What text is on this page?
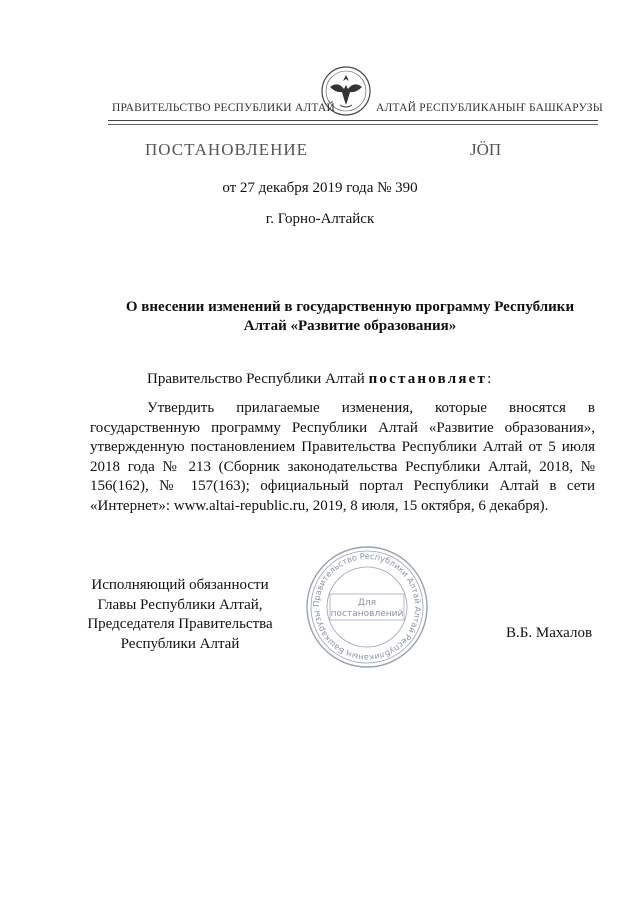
ПРАВИТЕЛЬСТВО РЕСПУБЛИКИ АЛТАЙ	АЛТАЙ РЕСПУБЛИКАНЫҤ БАШКАРУЗЫ
ПОСТАНОВЛЕНИЕ	ЈӦП
от 27 декабря 2019 года № 390
г. Горно-Алтайск
О внесении изменений в государственную программу Республики
Алтай «Развитие образования»
Правительство Республики Алтай постановляет:
Утвердить прилагаемые изменения, которые вносятся в государственную программу Республики Алтай «Развитие образования», утвержденную постановлением Правительства Республики Алтай от 5 июля 2018 года № 213 (Сборник законодательства Республики Алтай, 2018, № 156(162), № 157(163); официальный портал Республики Алтай в сети «Интернет»: www.altai-republic.ru, 2019, 8 июля, 15 октября, 6 декабря).
Исполняющий обязанности
Главы Республики Алтай,
Председателя Правительства
Республики Алтай
В.Б. Махалов
Правительство Республики Алтай Алтай Республиканың Башкарузы
Для
постановлений
